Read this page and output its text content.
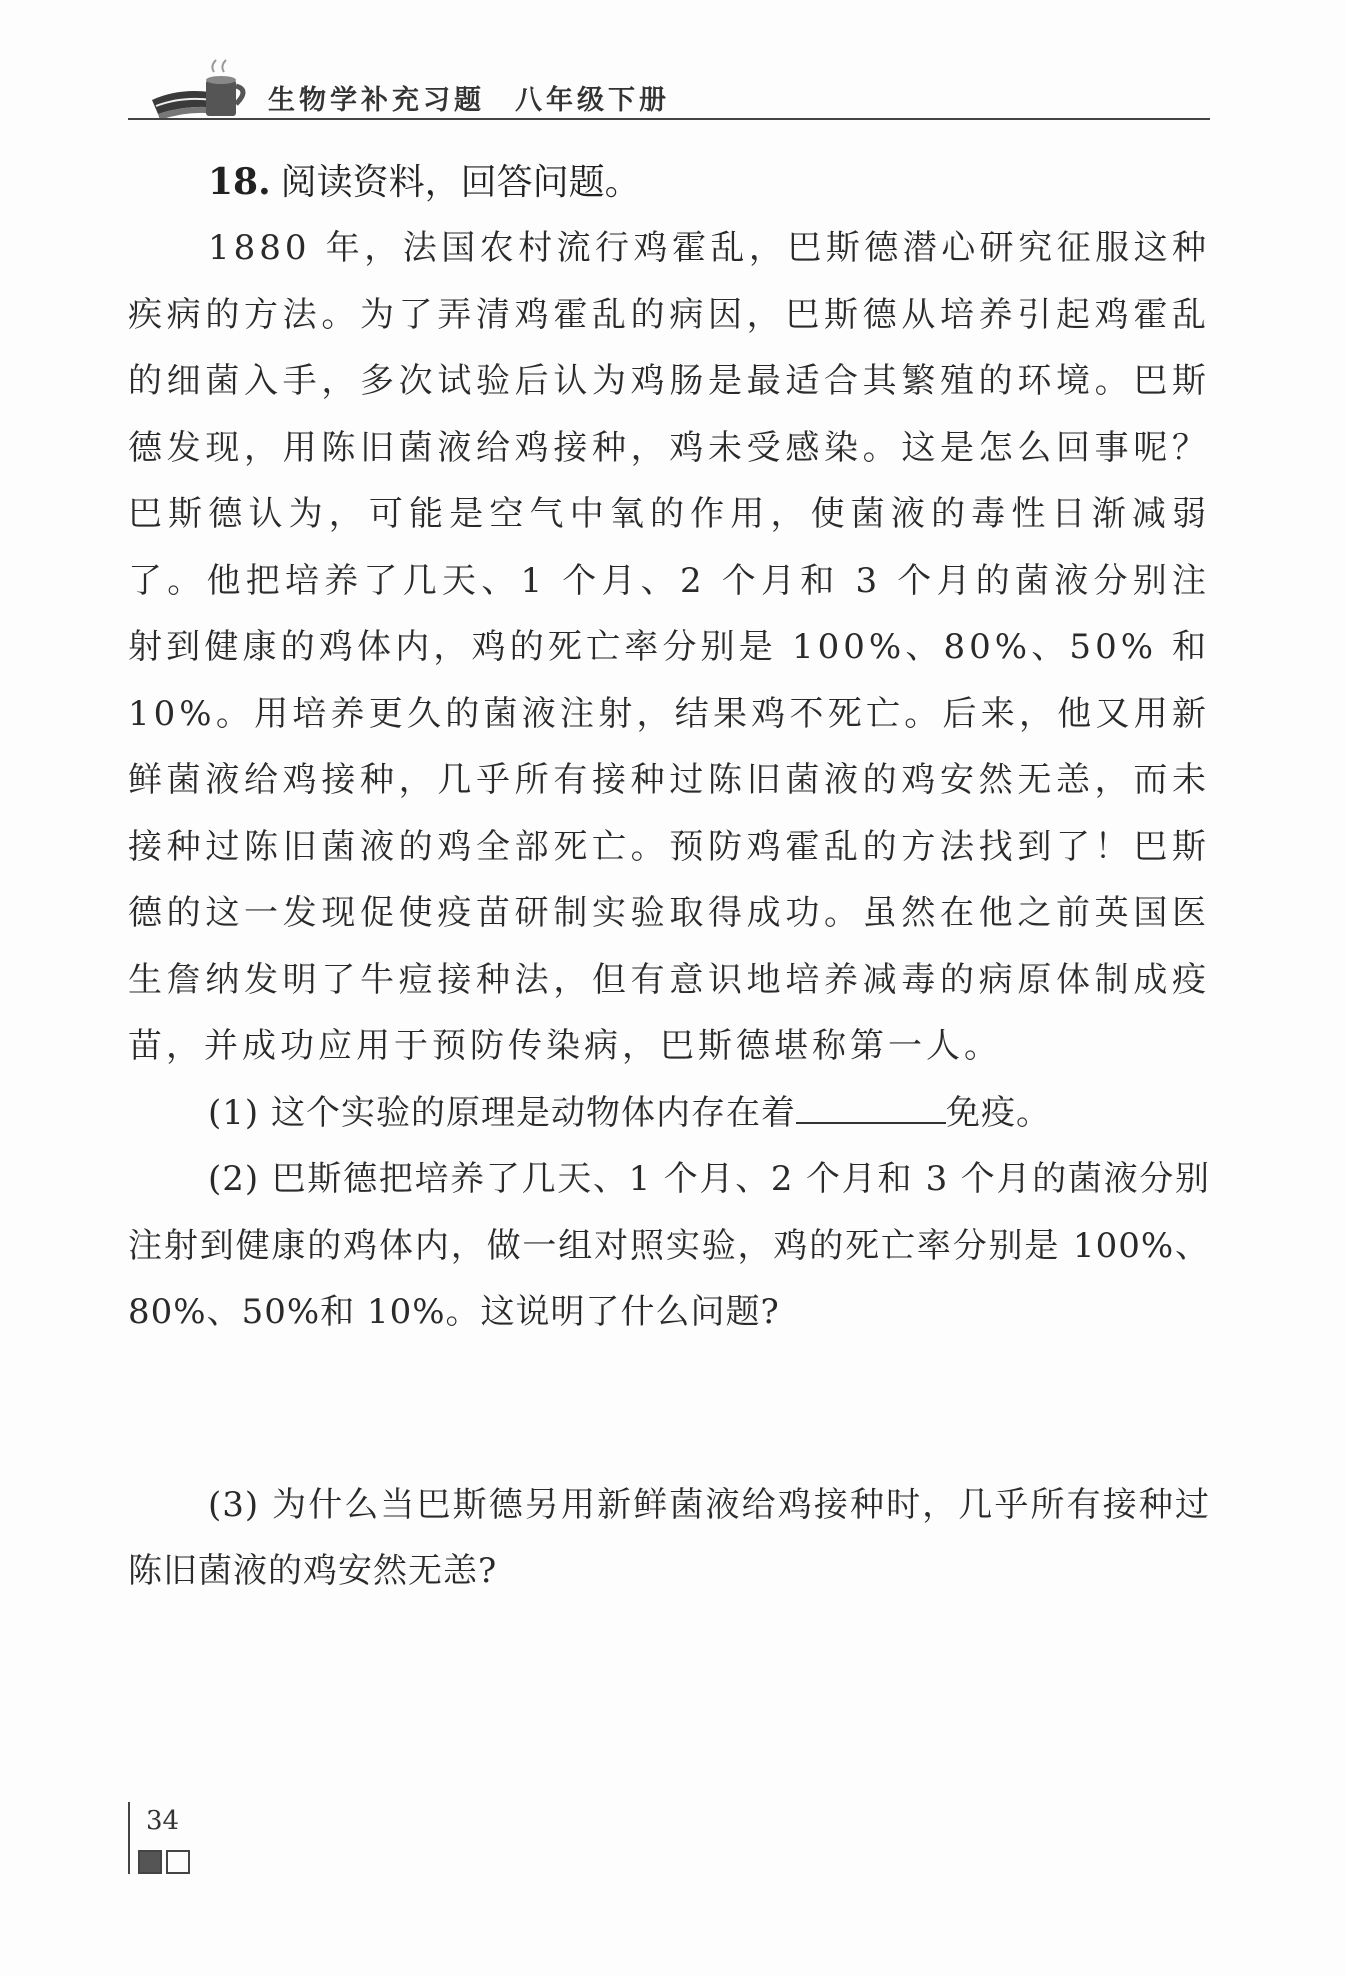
生物学补充习题 八年级下册
18. 阅读资料，回答问题。

1880 年，法国农村流行鸡霍乱，巴斯德潜心研究征服这种疾病的方法。为了弄清鸡霍乱的病因，巴斯德从培养引起鸡霍乱的细菌入手，多次试验后认为鸡肠是最适合其繁殖的环境。巴斯德发现，用陈旧菌液给鸡接种，鸡未受感染。这是怎么回事呢？巴斯德认为，可能是空气中氧的作用，使菌液的毒性日渐减弱了。他把培养了几天、1 个月、2 个月和 3 个月的菌液分别注射到健康的鸡体内，鸡的死亡率分别是 100%、80%、50% 和 10%。用培养更久的菌液注射，结果鸡不死亡。后来，他又用新鲜菌液给鸡接种，几乎所有接种过陈旧菌液的鸡安然无恙，而未接种过陈旧菌液的鸡全部死亡。预防鸡霍乱的方法找到了！巴斯德的这一发现促使疫苗研制实验取得成功。虽然在他之前英国医生詹纳发明了牛痘接种法，但有意识地培养减毒的病原体制成疫苗，并成功应用于预防传染病，巴斯德堪称第一人。

(1) 这个实验的原理是动物体内存在着	免疫。

(2) 巴斯德把培养了几天、1 个月、2 个月和 3 个月的菌液分别注射到健康的鸡体内，做一组对照实验，鸡的死亡率分别是 100%、80%、50%和 10%。这说明了什么问题?

(3) 为什么当巴斯德另用新鲜菌液给鸡接种时，几乎所有接种过陈旧菌液的鸡安然无恙?

34
